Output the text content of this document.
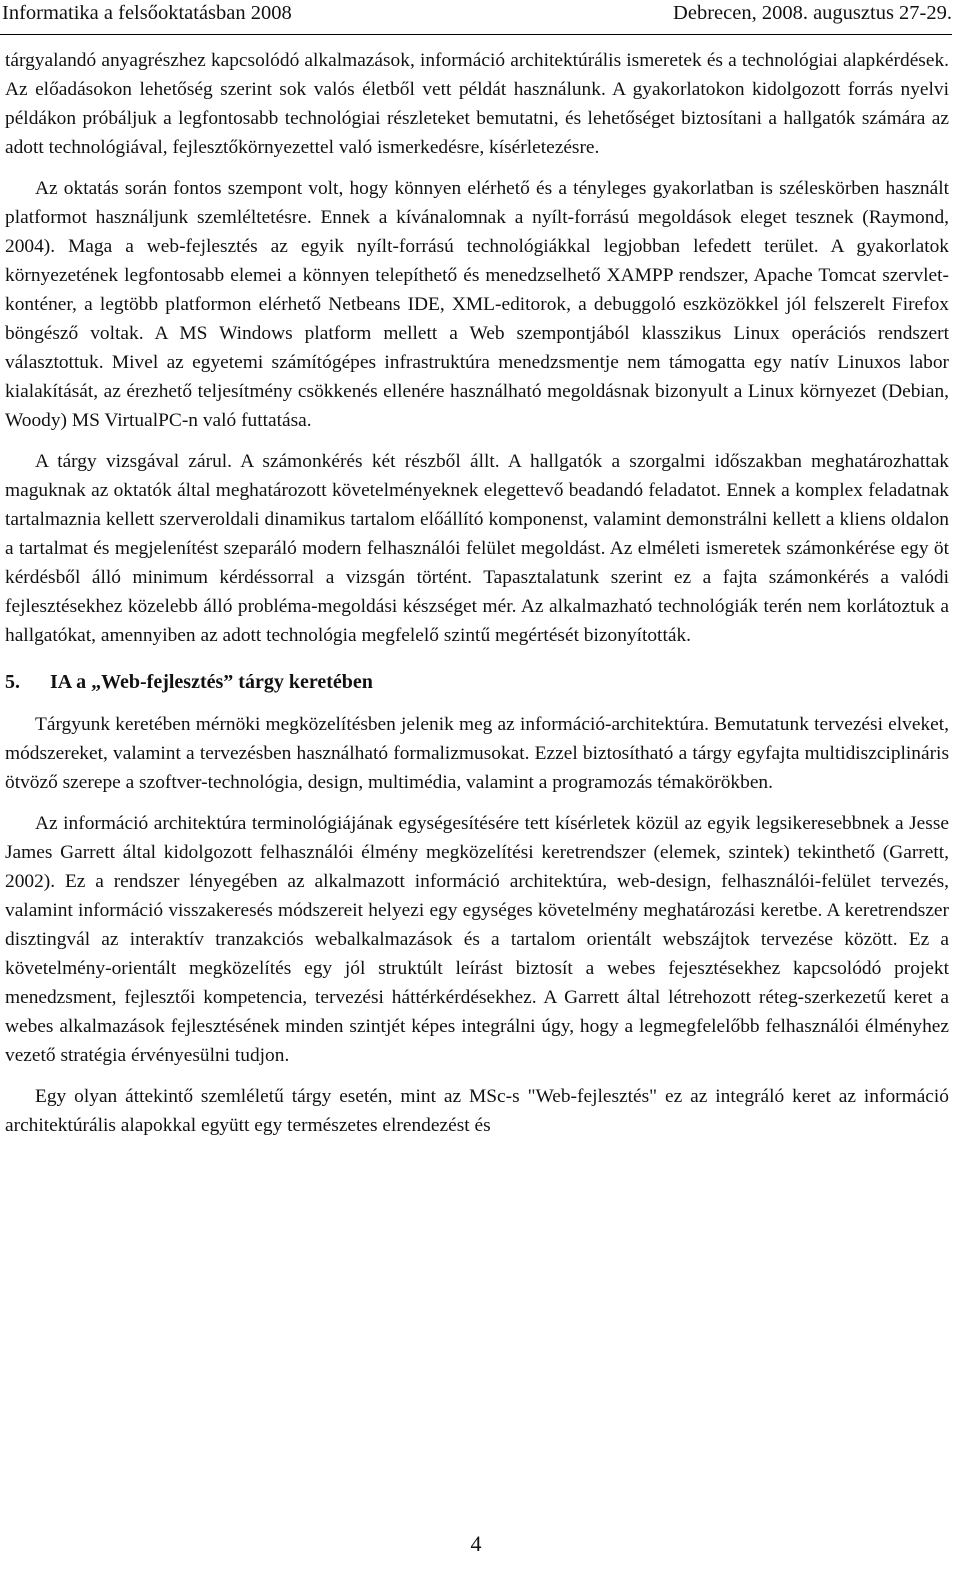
Informatika a felsőoktatásban 2008	Debrecen, 2008. augusztus 27-29.

tárgyalandó anyagrészhez kapcsolódó alkalmazások, információ architektúrális ismeretek és a technológiai alapkérdések. Az előadásokon lehetőség szerint sok valós életből vett példát használunk. A gyakorlatokon kidolgozott forrás nyelvi példákon próbáljuk a legfontosabb technológiai részleteket bemutatni, és lehetőséget biztosítani a hallgatók számára az adott technológiával, fejlesztőkörnyezettel való ismerkedésre, kísérletezésre.

Az oktatás során fontos szempont volt, hogy könnyen elérhető és a tényleges gyakorlatban is széleskörben használt platformot használjunk szemléltetésre. Ennek a kívánalomnak a nyílt-forrású megoldások eleget tesznek (Raymond, 2004). Maga a web-fejlesztés az egyik nyílt-forrású technológiákkal legjobban lefedett terület. A gyakorlatok környezetének legfontosabb elemei a könnyen telepíthető és menedzselhető XAMPP rendszer, Apache Tomcat szervlet-konténer, a legtöbb platformon elérhető Netbeans IDE, XML-editorok, a debuggoló eszközökkel jól felszerelt Firefox böngésző voltak. A MS Windows platform mellett a Web szempontjából klasszikus Linux operációs rendszert választottuk. Mivel az egyetemi számítógépes infrastruktúra menedzsmentje nem támogatta egy natív Linuxos labor kialakítását, az érezhető teljesítmény csökkenés ellenére használható megoldásnak bizonyult a Linux környezet (Debian, Woody) MS VirtualPC-n való futtatása.

A tárgy vizsgával zárul. A számonkérés két részből állt. A hallgatók a szorgalmi időszakban meghatározhattak maguknak az oktatók által meghatározott követelményeknek elegettevő beadandó feladatot. Ennek a komplex feladatnak tartalmaznia kellett szerveroldali dinamikus tartalom előállító komponenst, valamint demonstrálni kellett a kliens oldalon a tartalmat és megjelenítést szeparáló modern felhasználói felület megoldást. Az elméleti ismeretek számonkérése egy öt kérdésből álló minimum kérdéssorral a vizsgán történt. Tapasztalatunk szerint ez a fajta számonkérés a valódi fejlesztésekhez közelebb álló probléma-megoldási készséget mér. Az alkalmazható technológiák terén nem korlátoztuk a hallgatókat, amennyiben az adott technológia megfelelő szintű megértését bizonyították.

5. IA a „Web-fejlesztés” tárgy keretében

Tárgyunk keretében mérnöki megközelítésben jelenik meg az információ-architektúra. Bemutatunk tervezési elveket, módszereket, valamint a tervezésben használható formalizmusokat. Ezzel biztosítható a tárgy egyfajta multidiszciplináris ötvöző szerepe a szoftver-technológia, design, multimédia, valamint a programozás témakörökben.

Az információ architektúra terminológiájának egységesítésére tett kísérletek közül az egyik legsikeresebbnek a Jesse James Garrett által kidolgozott felhasználói élmény megközelítési keretrendszer (elemek, szintek) tekinthető (Garrett, 2002). Ez a rendszer lényegében az alkalmazott információ architektúra, web-design, felhasználói-felület tervezés, valamint információ visszakeresés módszereit helyezi egy egységes követelmény meghatározási keretbe. A keretrendszer disztingvál az interaktív tranzakciós webalkalmazások és a tartalom orientált webszájtok tervezése között. Ez a követelmény-orientált megközelítés egy jól struktúlt leírást biztosít a webes fejesztésekhez kapcsolódó projekt menedzsment, fejlesztői kompetencia, tervezési háttérkérdésekhez. A Garrett által létrehozott réteg-szerkezetű keret a webes alkalmazások fejlesztésének minden szintjét képes integrálni úgy, hogy a legmegfelelőbb felhasználói élményhez vezető stratégia érvényesülni tudjon.

Egy olyan áttekintő szemléletű tárgy esetén, mint az MSc-s "Web-fejlesztés" ez az integráló keret az információ architektúrális alapokkal együtt egy természetes elrendezést és

4
